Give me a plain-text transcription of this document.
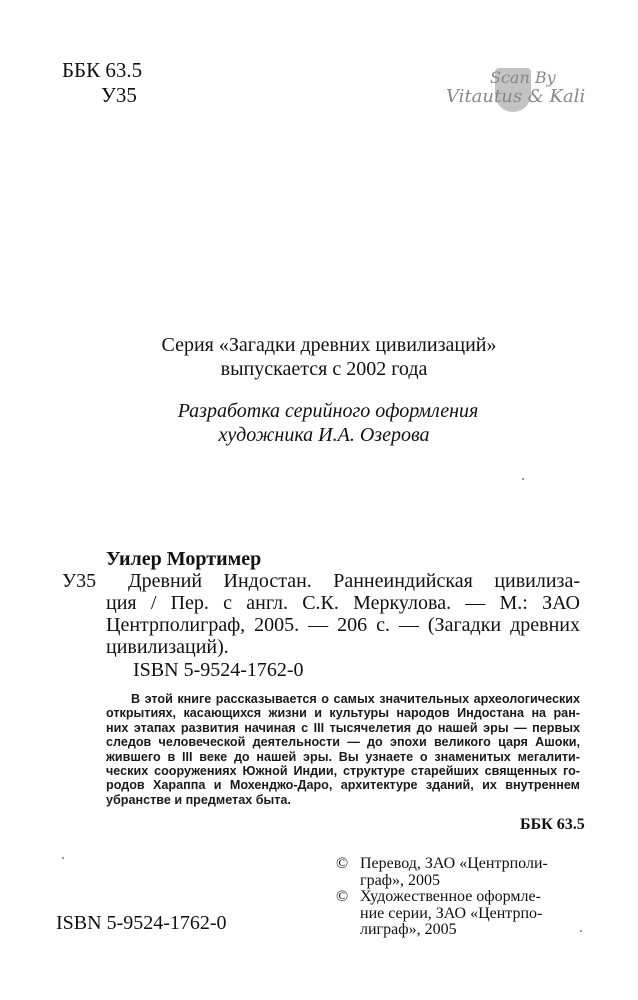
ББК 63.5
У35
Scan By
Vitautus & Kali
Серия «Загадки древних цивилизаций»
выпускается с 2002 года
Разработка серийного оформления
художника И.А. Озерова
Уилер Мортимер
У35	Древний Индостан. Раннеиндийская цивилиза-
ция / Пер. с англ. С.К. Меркулова. — М.: ЗАО
Центрполиграф, 2005. — 206 с. — (Загадки древних
цивилизаций).
ISBN 5-9524-1762-0
В этой книге рассказывается о самых значительных археологических
открытиях, касающихся жизни и культуры народов Индостана на ран-
них этапах развития начиная с III тысячелетия до нашей эры — первых
следов человеческой деятельности — до эпохи великого царя Ашоки,
жившего в III веке до нашей эры. Вы узнаете о знаменитых мегалити-
ческих сооружениях Южной Индии, структуре старейших священных го-
родов Хараппа и Мохенджо-Даро, архитектуре зданий, их внутреннем
убранстве и предметах быта.
ББК 63.5
ISBN 5-9524-1762-0
© Перевод, ЗАО «Центрполи-
граф», 2005
© Художественное оформле-
ние серии, ЗАО «Центрпо-
лиграф», 2005
